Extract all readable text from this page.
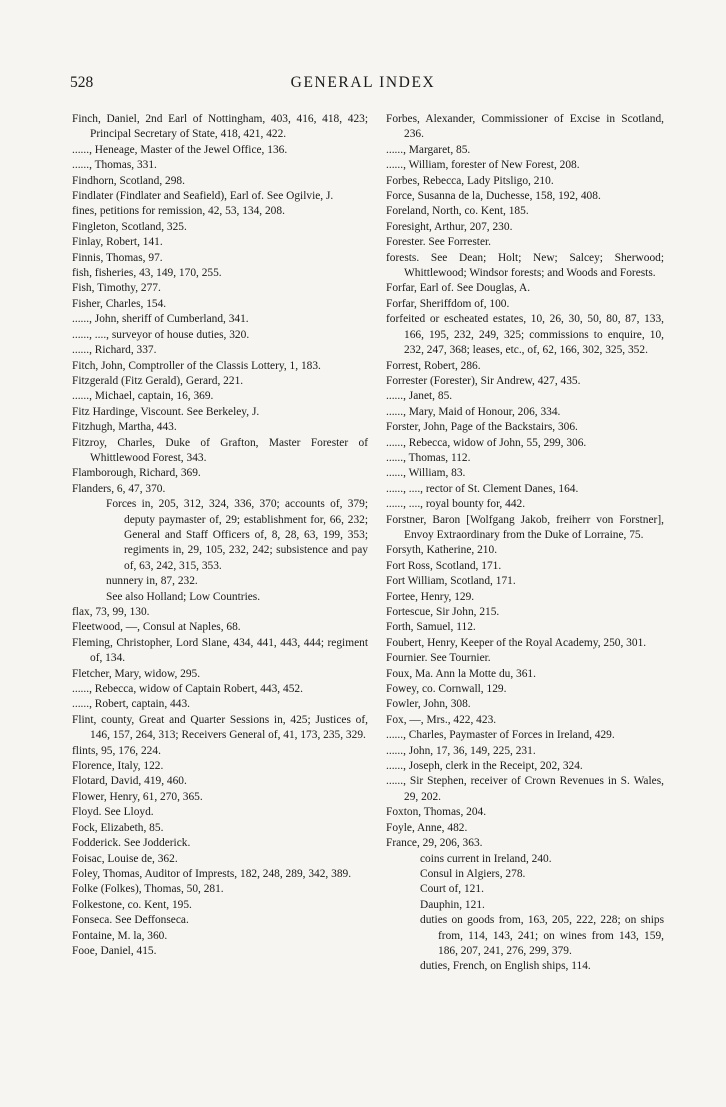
528	GENERAL INDEX
Finch, Daniel, 2nd Earl of Nottingham, 403, 416, 418, 423; Principal Secretary of State, 418, 421, 422.
......, Heneage, Master of the Jewel Office, 136.
......, Thomas, 331.
Findhorn, Scotland, 298.
Findlater (Findlater and Seafield), Earl of. See Ogilvie, J.
fines, petitions for remission, 42, 53, 134, 208.
Fingleton, Scotland, 325.
Finlay, Robert, 141.
Finnis, Thomas, 97.
fish, fisheries, 43, 149, 170, 255.
Fish, Timothy, 277.
Fisher, Charles, 154.
......, John, sheriff of Cumberland, 341.
......, ...., surveyor of house duties, 320.
......, Richard, 337.
Fitch, John, Comptroller of the Classis Lottery, 1, 183.
Fitzgerald (Fitz Gerald), Gerard, 221.
......, Michael, captain, 16, 369.
Fitz Hardinge, Viscount. See Berkeley, J.
Fitzhugh, Martha, 443.
Fitzroy, Charles, Duke of Grafton, Master Forester of Whittlewood Forest, 343.
Flamborough, Richard, 369.
Flanders, 6, 47, 370.
Forces in, 205, 312, 324, 336, 370; accounts of, 379; deputy paymaster of, 29; establishment for, 66, 232; General and Staff Officers of, 8, 28, 63, 199, 353; regiments in, 29, 105, 232, 242; subsistence and pay of, 63, 242, 315, 353.
nunnery in, 87, 232.
See also Holland; Low Countries.
flax, 73, 99, 130.
Fleetwood, —, Consul at Naples, 68.
Fleming, Christopher, Lord Slane, 434, 441, 443, 444; regiment of, 134.
Fletcher, Mary, widow, 295.
......, Rebecca, widow of Captain Robert, 443, 452.
......, Robert, captain, 443.
Flint, county, Great and Quarter Sessions in, 425; Justices of, 146, 157, 264, 313; Receivers General of, 41, 173, 235, 329.
flints, 95, 176, 224.
Florence, Italy, 122.
Flotard, David, 419, 460.
Flower, Henry, 61, 270, 365.
Floyd. See Lloyd.
Fock, Elizabeth, 85.
Fodderick. See Jodderick.
Foisac, Louise de, 362.
Foley, Thomas, Auditor of Imprests, 182, 248, 289, 342, 389.
Folke (Folkes), Thomas, 50, 281.
Folkestone, co. Kent, 195.
Fonseca. See Deffonseca.
Fontaine, M. la, 360.
Fooe, Daniel, 415.
Forbes, Alexander, Commissioner of Excise in Scotland, 236.
......, Margaret, 85.
......, William, forester of New Forest, 208.
Forbes, Rebecca, Lady Pitsligo, 210.
Force, Susanna de la, Duchesse, 158, 192, 408.
Foreland, North, co. Kent, 185.
Foresight, Arthur, 207, 230.
Forester. See Forrester.
forests. See Dean; Holt; New; Salcey; Sherwood; Whittlewood; Windsor forests; and Woods and Forests.
Forfar, Earl of. See Douglas, A.
Forfar, Sheriffdom of, 100.
forfeited or escheated estates, 10, 26, 30, 50, 80, 87, 133, 166, 195, 232, 249, 325; commissions to enquire, 10, 232, 247, 368; leases, etc., of, 62, 166, 302, 325, 352.
Forrest, Robert, 286.
Forrester (Forester), Sir Andrew, 427, 435.
......, Janet, 85.
......, Mary, Maid of Honour, 206, 334.
Forster, John, Page of the Backstairs, 306.
......, Rebecca, widow of John, 55, 299, 306.
......, Thomas, 112.
......, William, 83.
......, ...., rector of St. Clement Danes, 164.
......, ...., royal bounty for, 442.
Forstner, Baron [Wolfgang Jakob, freiherr von Forstner], Envoy Extraordinary from the Duke of Lorraine, 75.
Forsyth, Katherine, 210.
Fort Ross, Scotland, 171.
Fort William, Scotland, 171.
Fortee, Henry, 129.
Fortescue, Sir John, 215.
Forth, Samuel, 112.
Foubert, Henry, Keeper of the Royal Academy, 250, 301.
Fournier. See Tournier.
Foux, Ma. Ann la Motte du, 361.
Fowey, co. Cornwall, 129.
Fowler, John, 308.
Fox, —, Mrs., 422, 423.
......, Charles, Paymaster of Forces in Ireland, 429.
......, John, 17, 36, 149, 225, 231.
......, Joseph, clerk in the Receipt, 202, 324.
......, Sir Stephen, receiver of Crown Revenues in S. Wales, 29, 202.
Foxton, Thomas, 204.
Foyle, Anne, 482.
France, 29, 206, 363.
coins current in Ireland, 240.
Consul in Algiers, 278.
Court of, 121.
Dauphin, 121.
duties on goods from, 163, 205, 222, 228; on ships from, 114, 143, 241; on wines from 143, 159, 186, 207, 241, 276, 299, 379.
duties, French, on English ships, 114.
